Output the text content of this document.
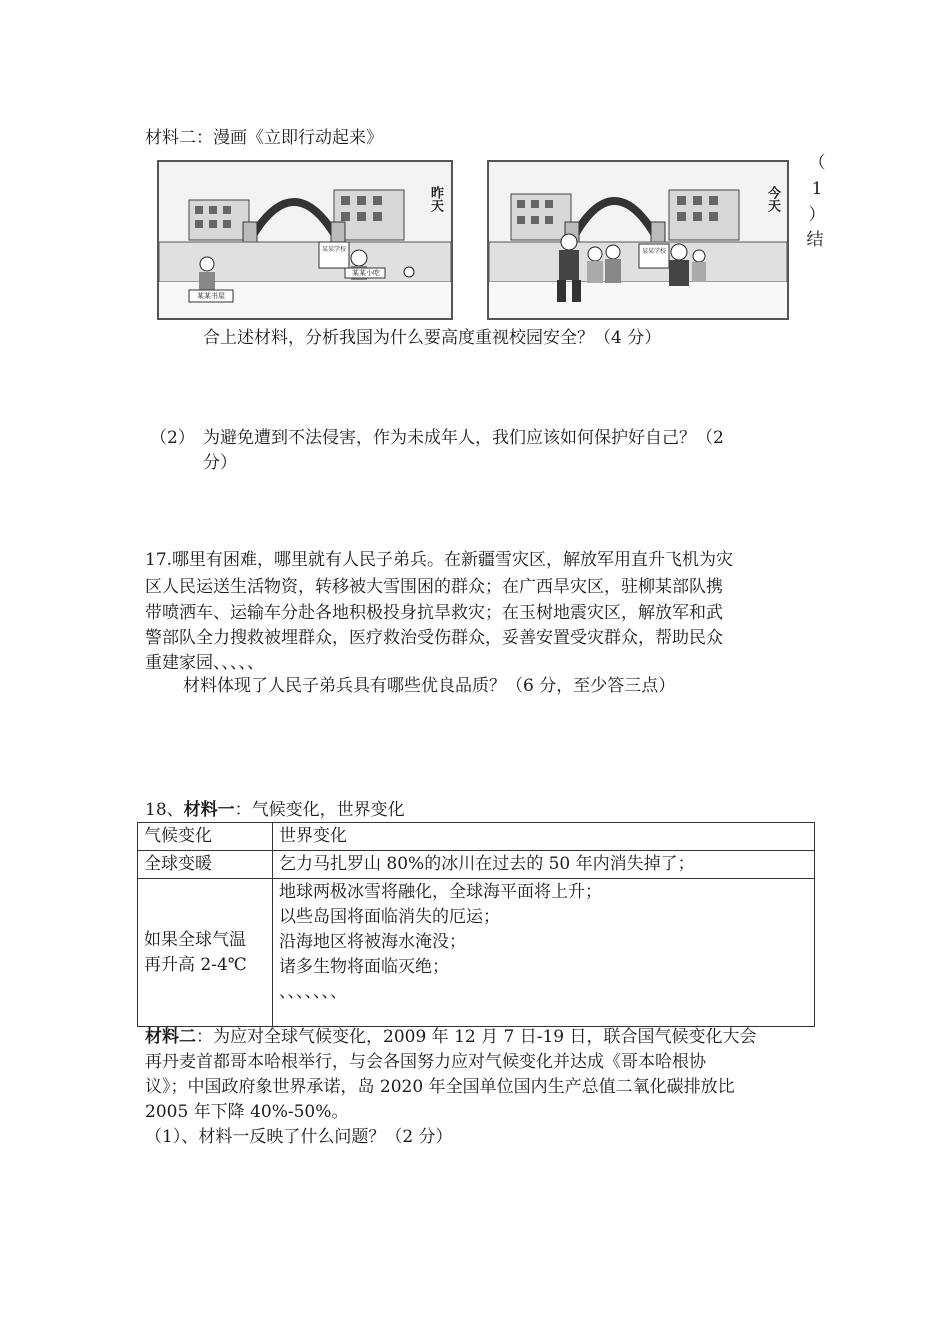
材料二：漫画《立即行动起来》
昨天
某某学校
某某小吃
某某书屋
今天
某某学校
（
1
）
结
合上述材料，分析我国为什么要高度重视校园安全？（4 分）
（2） 为避免遭到不法侵害，作为未成年人，我们应该如何保护好自己？（2
分）
17.哪里有困难，哪里就有人民子弟兵。在新疆雪灾区，解放军用直升飞机为灾
区人民运送生活物资，转移被大雪围困的群众；在广西旱灾区，驻柳某部队携
带喷洒车、运输车分赴各地积极投身抗旱救灾；在玉树地震灾区，解放军和武
警部队全力搜救被埋群众，医疗救治受伤群众，妥善安置受灾群众，帮助民众
重建家园、、、、、
材料体现了人民子弟兵具有哪些优良品质？（6 分，至少答三点）
18、材料一：气候变化，世界变化
气候变化	世界变化
全球变暖	乞力马扎罗山 80%的冰川在过去的 50 年内消失掉了；

如果全球气温
再升高 2-4℃	地球两极冰雪将融化，全球海平面将上升；
以些岛国将面临消失的厄运；
沿海地区将被海水淹没；
诸多生物将面临灭绝；
、、、、、、、
材料二：为应对全球气候变化，2009 年 12 月 7 日-19 日，联合国气候变化大会
再丹麦首都哥本哈根举行，与会各国努力应对气候变化并达成《哥本哈根协
议》；中国政府象世界承诺，岛 2020 年全国单位国内生产总值二氧化碳排放比
2005 年下降 40%-50%。
（1）、材料一反映了什么问题？（2 分）
